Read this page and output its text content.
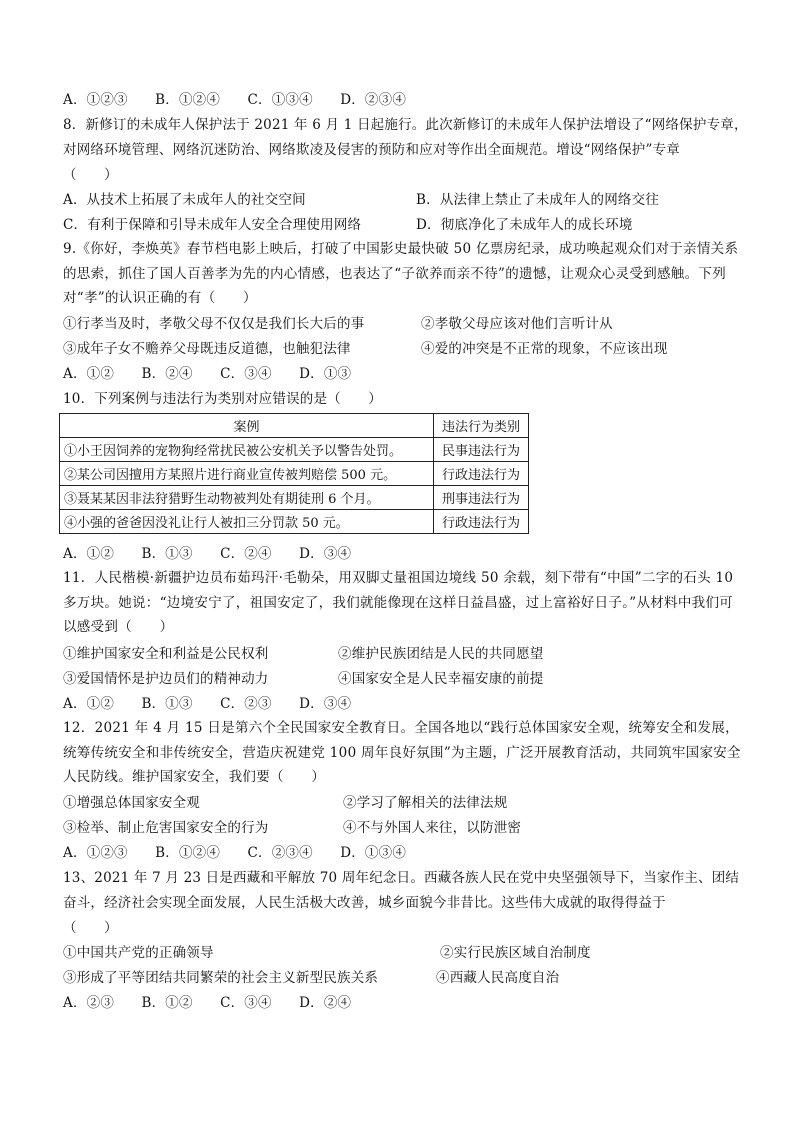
A．①②③　　B．①②④　　C．①③④　　D．②③④
8．新修订的未成年人保护法于 2021 年 6 月 1 日起施行。此次新修订的未成年人保护法增设了“网络保护专章，
对网络环境管理、网络沉迷防治、网络欺凌及侵害的预防和应对等作出全面规范。增设“网络保护”专章
（　　）
A．从技术上拓展了未成年人的社交空间	B．从法律上禁止了未成年人的网络交往
C．有利于保障和引导未成年人安全合理使用网络	D．彻底净化了未成年人的成长环境
9.《你好，李焕英》春节档电影上映后，打破了中国影史最快破 50 亿票房纪录，成功唤起观众们对于亲情关系的思索，抓住了国人百善孝为先的内心情感，也表达了“子欲养而亲不待”的遗憾，让观众心灵受到感触。下列对“孝”的认识正确的有（　　）
①行孝当及时，孝敬父母不仅仅是我们长大后的事	②孝敬父母应该对他们言听计从
③成年子女不赡养父母既违反道德，也触犯法律	④爱的冲突是不正常的现象，不应该出现
A．①②　　B．②④　　C．③④　　D．①③
10．下列案例与违法行为类别对应错误的是（　　）
案例	违法行为类别
①小王因饲养的宠物狗经常扰民被公安机关予以警告处罚。	民事违法行为
②某公司因擅用方某照片进行商业宣传被判赔偿 500 元。	行政违法行为
③聂某某因非法狩猎野生动物被判处有期徒刑 6 个月。	刑事违法行为
④小强的爸爸因没礼让行人被扣三分罚款 50 元。	行政违法行为
A．①②　　B．①③　　C．②④　　D．③④
11．人民楷模·新疆护边员布茹玛汗·毛勒朵，用双脚丈量祖国边境线 50 余载，刻下带有“中国”二字的石头 10 多万块。她说：“边境安宁了，祖国安定了，我们就能像现在这样日益昌盛，过上富裕好日子。”从材料中我们可以感受到（　　）
①维护国家安全和利益是公民权利	②维护民族团结是人民的共同愿望
③爱国情怀是护边员们的精神动力	④国家安全是人民幸福安康的前提
A．①②　　B．①③　　C．②③　　D．③④
12．2021 年 4 月 15 日是第六个全民国家安全教育日。全国各地以“践行总体国家安全观，统筹安全和发展，统筹传统安全和非传统安全，营造庆祝建党 100 周年良好氛围”为主题，广泛开展教育活动，共同筑牢国家安全人民防线。维护国家安全，我们要（　　）
①增强总体国家安全观	②学习了解相关的法律法规
③检举、制止危害国家安全的行为	④不与外国人来往，以防泄密
A．①②③　　B．①②④　　C．②③④　　D．①③④
13、2021 年 7 月 23 日是西藏和平解放 70 周年纪念日。西藏各族人民在党中央坚强领导下，当家作主、团结
奋斗，经济社会实现全面发展，人民生活极大改善，城乡面貌今非昔比。这些伟大成就的取得得益于
（　　）
①中国共产党的正确领导	②实行民族区域自治制度
③形成了平等团结共同繁荣的社会主义新型民族关系	④西藏人民高度自治
A．②③　　B．①②　　C．③④　　D．②④
